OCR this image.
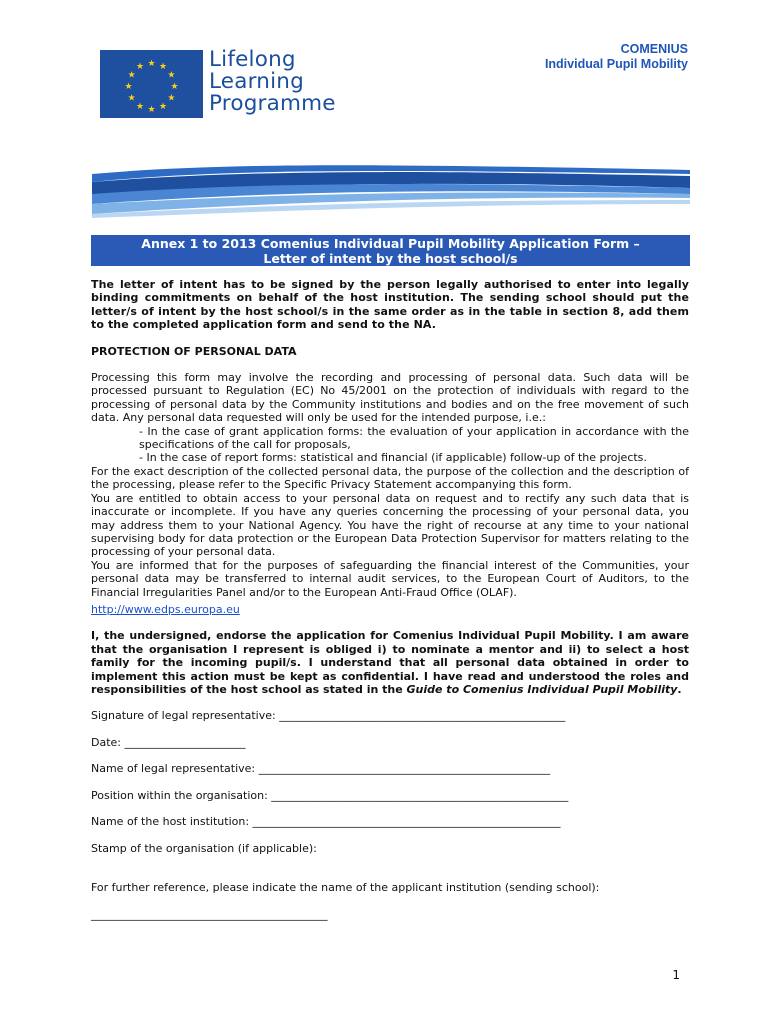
★ ★
★
★
★
★
★
★
★
★
★
★	Lifelong
Learning
Programme
COMENIUS
Individual Pupil Mobility
Annex 1 to 2013 Comenius Individual Pupil Mobility Application Form –
Letter of intent by the host school/s

The letter of intent has to be signed by the person legally authorised to enter into legally binding commitments on behalf of the host institution. The sending school should put the letter/s of intent by the host school/s in the same order as in the table in section 8, add them to the completed application form and send to the NA.

PROTECTION OF PERSONAL DATA

Processing this form may involve the recording and processing of personal data. Such data will be processed pursuant to Regulation (EC) No 45/2001 on the protection of individuals with regard to the processing of personal data by the Community institutions and bodies and on the free movement of such data. Any personal data requested will only be used for the intended purpose, i.e.:

- In the case of grant application forms: the evaluation of your application in accordance with the specifications of the call for proposals,

- In the case of report forms: statistical and financial (if applicable) follow-up of the projects.

For the exact description of the collected personal data, the purpose of the collection and the description of the processing, please refer to the Specific Privacy Statement accompanying this form.

You are entitled to obtain access to your personal data on request and to rectify any such data that is inaccurate or incomplete. If you have any queries concerning the processing of your personal data, you may address them to your National Agency. You have the right of recourse at any time to your national supervising body for data protection or the European Data Protection Supervisor for matters relating to the processing of your personal data.

You are informed that for the purposes of safeguarding the financial interest of the Communities, your personal data may be transferred to internal audit services, to the European Court of Auditors, to the Financial Irregularities Panel and/or to the European Anti-Fraud Office (OLAF).

http://www.edps.europa.eu

I, the undersigned, endorse the application for Comenius Individual Pupil Mobility. I am aware that the organisation I represent is obliged i) to nominate a mentor and ii) to select a host family for the incoming pupil/s. I understand that all personal data obtained in order to implement this action must be kept as confidential. I have read and understood the roles and responsibilities of the host school as stated in the Guide to Comenius Individual Pupil Mobility.

Signature of legal representative: ____________________________________________________
Date: ______________________
Name of legal representative: _____________________________________________________
Position within the organisation: ______________________________________________________
Name of the host institution: ________________________________________________________
Stamp of the organisation (if applicable):

For further reference, please indicate the name of the applicant institution (sending school):

___________________________________________

1
